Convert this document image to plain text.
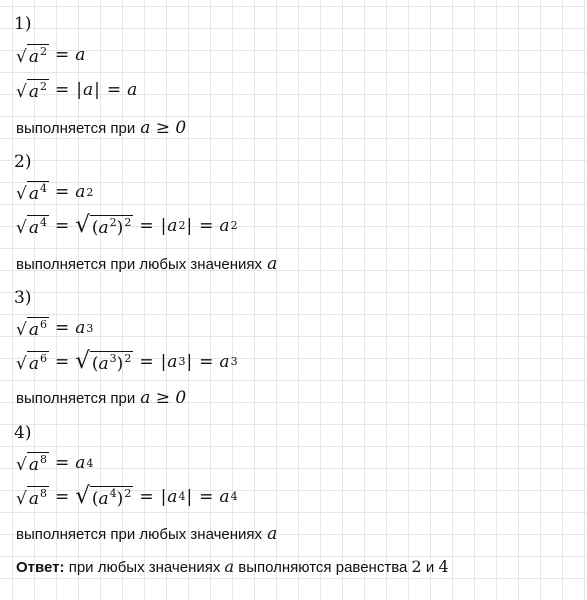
1)
√ $a^2 = a$
√ $a^2$ = | a | = a
выполняется при a ≥ 0
2)
√ $a^4 = a$ 2
√ $a^4$ = √ $(a^2)^2$ = | a 2 | = a 2
выполняется при любых значениях a
3)
√ $a^6 = a$ 3
√ $a^6$ = √ $(a^3)^2$ = | a 3 | = a 3
выполняется при a ≥ 0
4)
√ $a^8 = a$ 4
√ $a^8$ = √ $(a^4)^2$ = | a 4 | = a 4
выполняется при любых значениях a
Ответ: при любых значениях a выполняются равенства 2 и 4
